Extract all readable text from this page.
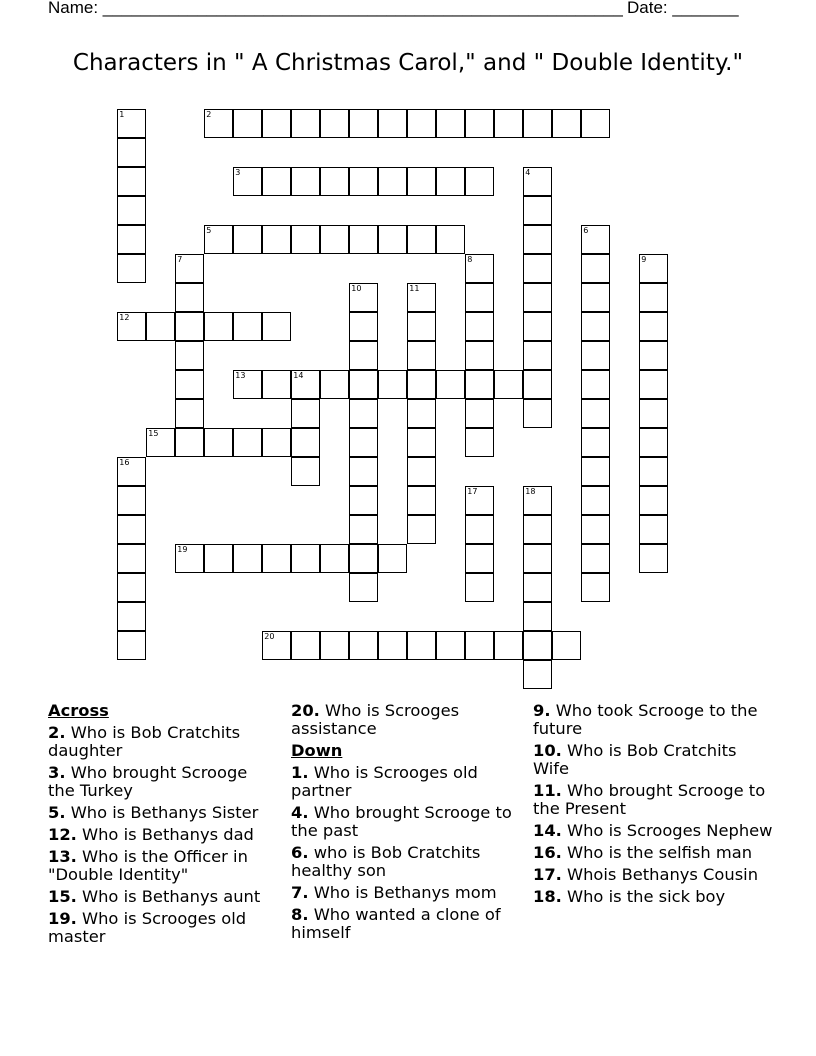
Name: _______________________________________________________ Date: _______
Characters in " A Christmas Carol," and " Double Identity."
2
3
5
12
13	14
15
19
20
1
4
6
7	8	9
10	11
16
17	18
Across
2. Who is Bob Cratchits daughter
3. Who brought Scrooge the Turkey
5. Who is Bethanys Sister
12. Who is Bethanys dad
13. Who is the Officer in "Double Identity"
15. Who is Bethanys aunt
19. Who is Scrooges old master
20. Who is Scrooges assistance
Down
1. Who is Scrooges old partner
4. Who brought Scrooge to the past
6. who is Bob Cratchits healthy son
7. Who is Bethanys mom
8. Who wanted a clone of himself
9. Who took Scrooge to the future
10. Who is Bob Cratchits Wife
11. Who brought Scrooge to the Present
14. Who is Scrooges Nephew
16. Who is the selfish man
17. Whois Bethanys Cousin
18. Who is the sick boy
